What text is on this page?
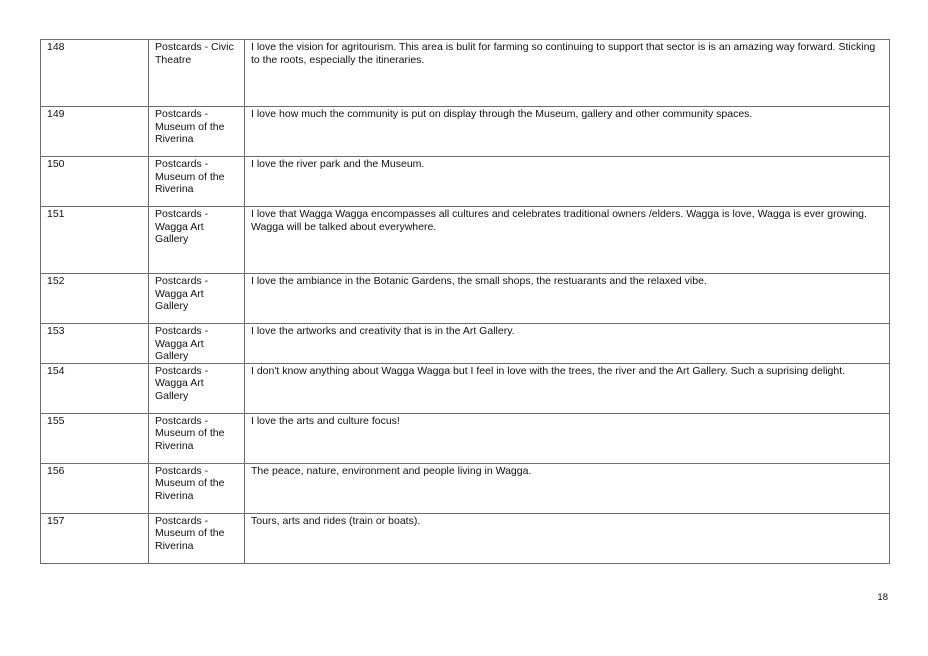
148	Postcards - Civic Theatre	I love the vision for agritourism. This area is bulit for farming so continuing to support that sector is is an amazing way forward. Sticking to the roots, especially the itineraries.
149	Postcards - Museum of the Riverina	I love how much the community is put on display through the Museum, gallery and other community spaces.
150	Postcards - Museum of the Riverina	I love the river park and the Museum.
151	Postcards - Wagga Art Gallery	I love that Wagga Wagga encompasses all cultures and celebrates traditional owners /elders. Wagga is love, Wagga is ever growing. Wagga will be talked about everywhere.
152	Postcards - Wagga Art Gallery	I love the ambiance in the Botanic Gardens, the small shops, the restuarants and the relaxed vibe.
153	Postcards - Wagga Art Gallery	I love the artworks and creativity that is in the Art Gallery.
154	Postcards - Wagga Art Gallery	I don't know anything about Wagga Wagga but I feel in love with the trees, the river and the Art Gallery. Such a suprising delight.
155	Postcards - Museum of the Riverina	I love the arts and culture focus!
156	Postcards - Museum of the Riverina	The peace, nature, environment and people living in Wagga.
157	Postcards - Museum of the Riverina	Tours, arts and rides (train or boats).
18
